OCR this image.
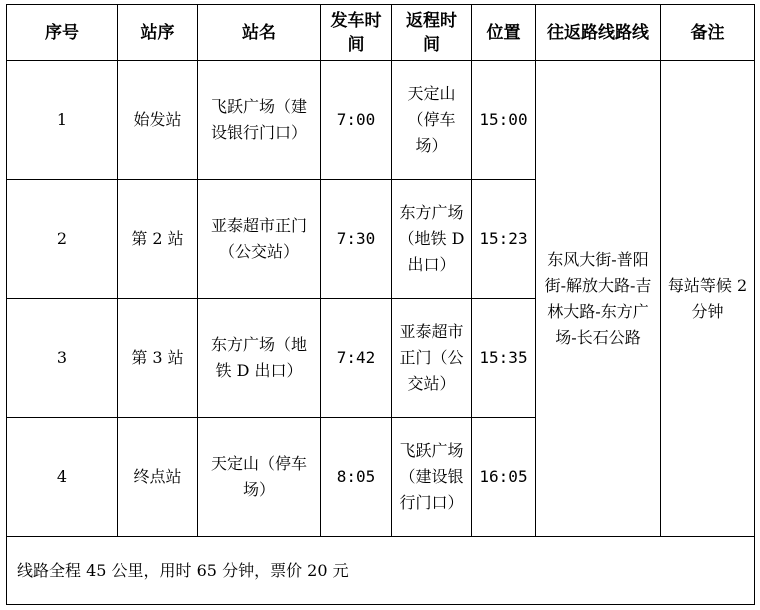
序号	站序	站名	发车时间	返程时间	位置	往返路线路线	备注
1	始发站	飞跃广场（建设银行门口）	7:00	天定山（停车场）	15:00	东风大街-普阳街-解放大路-吉林大路-东方广场-长石公路	每站等候 2 分钟
2	第 2 站	亚泰超市正门（公交站）	7:30	东方广场（地铁 D 出口）	15:23		
3	第 3 站	东方广场（地铁 D 出口）	7:42	亚泰超市正门（公交站）	15:35		
4	终点站	天定山（停车场）	8:05	飞跃广场（建设银行门口）	16:05		
线路全程 45 公里，用时 65 分钟，票价 20 元							
